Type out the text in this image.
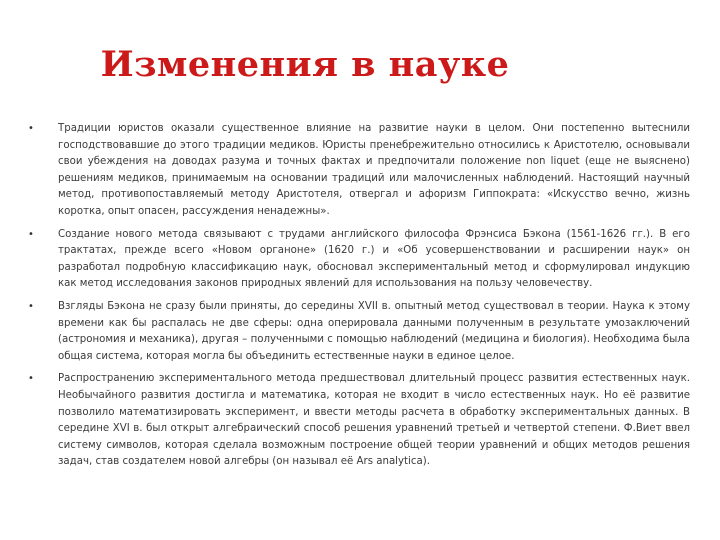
Изменения в науке
• Традиции юристов оказали существенное влияние на развитие науки в целом. Они постепенно вытеснили господствовавшие до этого традиции медиков. Юристы пренебрежительно относились к Аристотелю, основывали свои убеждения на доводах разума и точных фактах и предпочитали положение non liquet (еще не выяснено) решениям медиков, принимаемым на основании традиций или малочисленных наблюдений. Настоящий научный метод, противопоставляемый методу Аристотеля, отвергал и афоризм Гиппократа: «Искусство вечно, жизнь коротка, опыт опасен, рассуждения ненадежны».
• Создание нового метода связывают с трудами английского философа Фрэнсиса Бэкона (1561-1626 гг.). В его трактатах, прежде всего «Новом органоне» (1620 г.) и «Об усовершенствовании и расширении наук» он разработал подробную классификацию наук, обосновал экспериментальный метод и сформулировал индукцию как метод исследования законов природных явлений для использования на пользу человечеству.
• Взгляды Бэкона не сразу были приняты, до середины XVII в. опытный метод существовал в теории. Наука к этому времени как бы распалась не две сферы: одна оперировала данными полученным в результате умозаключений (астрономия и механика), другая – полученными с помощью наблюдений (медицина и биология). Необходима была общая система, которая могла бы объединить естественные науки в единое целое.
• Распространению экспериментального метода предшествовал длительный процесс развития естественных наук. Необычайного развития достигла и математика, которая не входит в число естественных наук. Но её развитие позволило математизировать эксперимент, и ввести методы расчета в обработку экспериментальных данных. В середине XVI в. был открыт алгебраический способ решения уравнений третьей и четвертой степени. Ф.Виет ввел систему символов, которая сделала возможным построение общей теории уравнений и общих методов решения задач, став создателем новой алгебры (он называл её Ars analytica).
